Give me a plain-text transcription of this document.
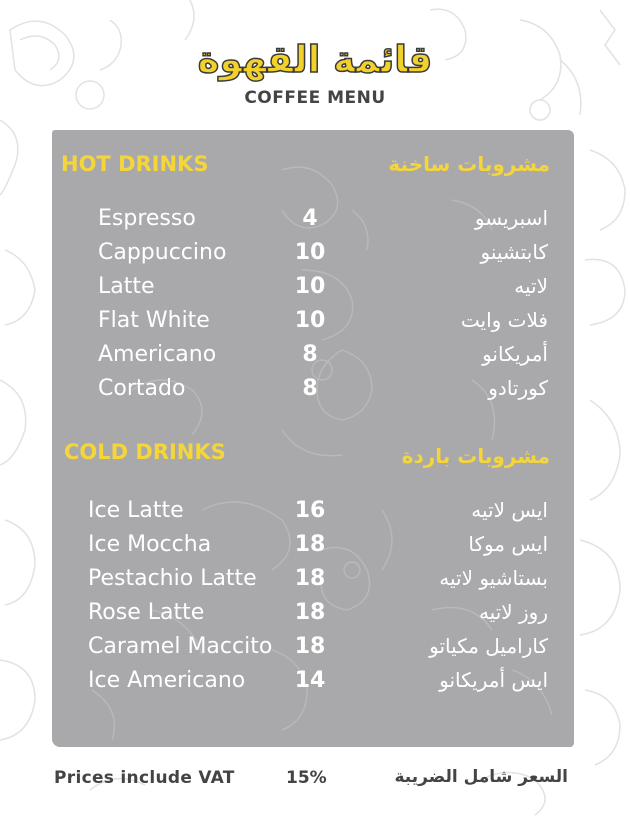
قائمة القهوة
COFFEE MENU
HOT DRINKS	مشروبات ساخنة
Espresso	4	اسبريسو
Cappuccino	10	كابتشينو
Latte	10	لاتيه
Flat White	10	فلات وايت
Americano	8	أمريكانو
Cortado	8	كورتادو
COLD DRINKS	مشروبات باردة
Ice Latte	16	ايس لاتيه
Ice Moccha	18	ايس موكا
Pestachio Latte	18	بستاشيو لاتيه
Rose Latte	18	روز لاتيه
Caramel Maccito	18	كاراميل مكياتو
Ice Americano	14	ايس أمريكانو
Prices include VAT	15%	السعر شامل الضريبة
